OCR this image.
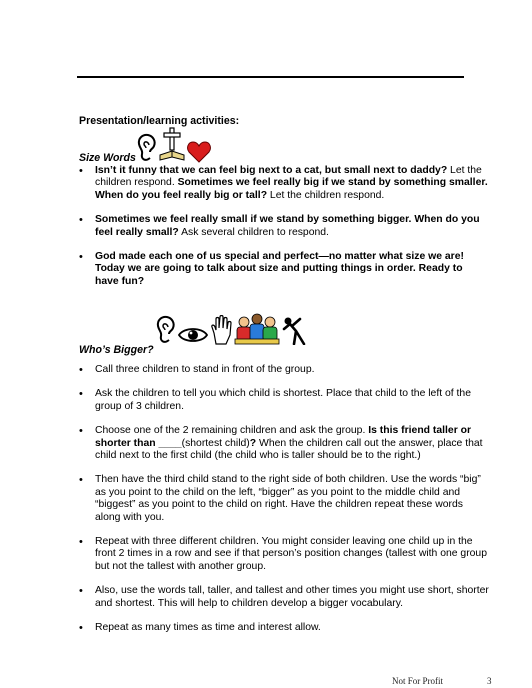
Presentation/learning activities:
Size Words
• Isn’t it funny that we can feel big next to a cat, but small next to daddy? Let the children respond. Sometimes we feel really big if we stand by something smaller. When do you feel really big or tall? Let the children respond.
• Sometimes we feel really small if we stand by something bigger. When do you feel really small? Ask several children to respond.
• God made each one of us special and perfect—no matter what size we are! Today we are going to talk about size and putting things in order. Ready to have fun?
Who’s Bigger?
• Call three children to stand in front of the group.
• Ask the children to tell you which child is shortest. Place that child to the left of the group of 3 children.
• Choose one of the 2 remaining children and ask the group. Is this friend taller or shorter than ____(shortest child)? When the children call out the answer, place that child next to the first child (the child who is taller should be to the right.)
• Then have the third child stand to the right side of both children. Use the words “big” as you point to the child on the left, “bigger” as you point to the middle child and “biggest” as you point to the child on right. Have the children repeat these words along with you.
• Repeat with three different children. You might consider leaving one child up in the front 2 times in a row and see if that person’s position changes (tallest with one group but not the tallest with another group.
• Also, use the words tall, taller, and tallest and other times you might use short, shorter and shortest. This will help to children develop a bigger vocabulary.
• Repeat as many times as time and interest allow.
Not For Profit	3
